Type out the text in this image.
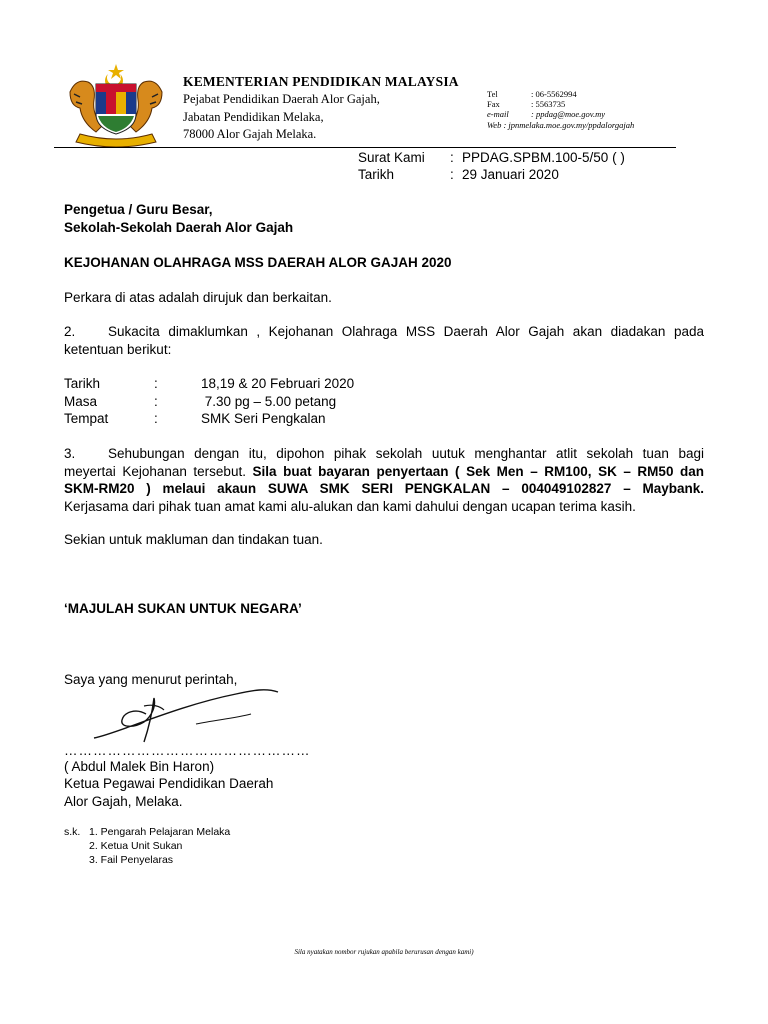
KEMENTERIAN PENDIDIKAN MALAYSIA
Pejabat Pendidikan Daerah Alor Gajah,
Jabatan Pendidikan Melaka,
78000 Alor Gajah Melaka.
Tel	: 06-5562994
Fax	: 5563735
e-mail	: ppdag@moe.gov.my
Web : jpnmelaka.moe.gov.my/ppdalorgajah
Surat Kami : PPDAG.SPBM.100-5/50 ( )
Tarikh	: 29 Januari 2020
Pengetua / Guru Besar,
Sekolah-Sekolah Daerah Alor Gajah
KEJOHANAN OLAHRAGA MSS DAERAH ALOR GAJAH 2020
Perkara di atas adalah dirujuk dan berkaitan.
2. Sukacita dimaklumkan , Kejohanan Olahraga MSS Daerah Alor Gajah akan diadakan pada
ketentuan berikut:
Tarikh	:	18,19 & 20 Februari 2020
Masa	:	7.30 pg – 5.00 petang
Tempat	:	SMK Seri Pengkalan
3. Sehubungan dengan itu, dipohon pihak sekolah uutuk menghantar atlit sekolah tuan bagi
meyertai Kejohanan tersebut. Sila buat bayaran penyertaan ( Sek Men – RM100, SK – RM50 dan
SKM-RM20 ) melaui akaun SUWA SMK SERI PENGKALAN – 004049102827 – Maybank.
Kerjasama dari pihak tuan amat kami alu-alukan dan kami dahului dengan ucapan terima kasih.
Sekian untuk makluman dan tindakan tuan.
‘MAJULAH SUKAN UNTUK NEGARA’
Saya yang menurut perintah,
……………………………………………
( Abdul Malek Bin Haron)
Ketua Pegawai Pendidikan Daerah
Alor Gajah, Melaka.
s.k. 1. Pengarah Pelajaran Melaka
2. Ketua Unit Sukan
3. Fail Penyelaras
Sila nyatakan nombor rujukan apabila berurusan dengan kami)
